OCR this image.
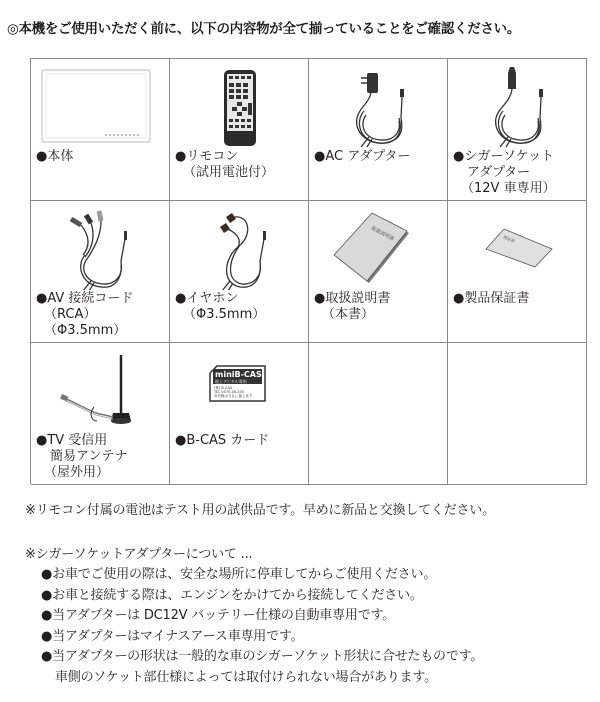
◎本機をご使用いただく前に、以下の内容物が全て揃っていることをご確認ください。
●本体	●リモコン
（試用電池付）
●AC アダプター	●シガーソケット
アダプター
（12V 車専用）
●AV 接続コード
（RCA）
（Φ3.5mm）
●イヤホン
（Φ3.5mm）
取扱説明書
●取扱説明書
（本書）
保証書
●製品保証書
●TV 受信用
簡易アンテナ
（屋外用）
miniB-CAS
地上デジタル専用
(株) B-CAS
TEL 0570-00-250
所有権は当社に属します
●B-CAS カード
※リモコン付属の電池はテスト用の試供品です。早めに新品と交換してください。
※シガーソケットアダプターについて ...
●お車でご使用の際は、安全な場所に停車してからご使用ください。
●お車と接続する際は、エンジンをかけてから接続してください。
●当アダプターは DC12V バッテリー仕様の自動車専用です。
●当アダプターはマイナスアース車専用です。
●当アダプターの形状は一般的な車のシガーソケット形状に合せたものです。
車側のソケット部仕様によっては取付けられない場合があります。
